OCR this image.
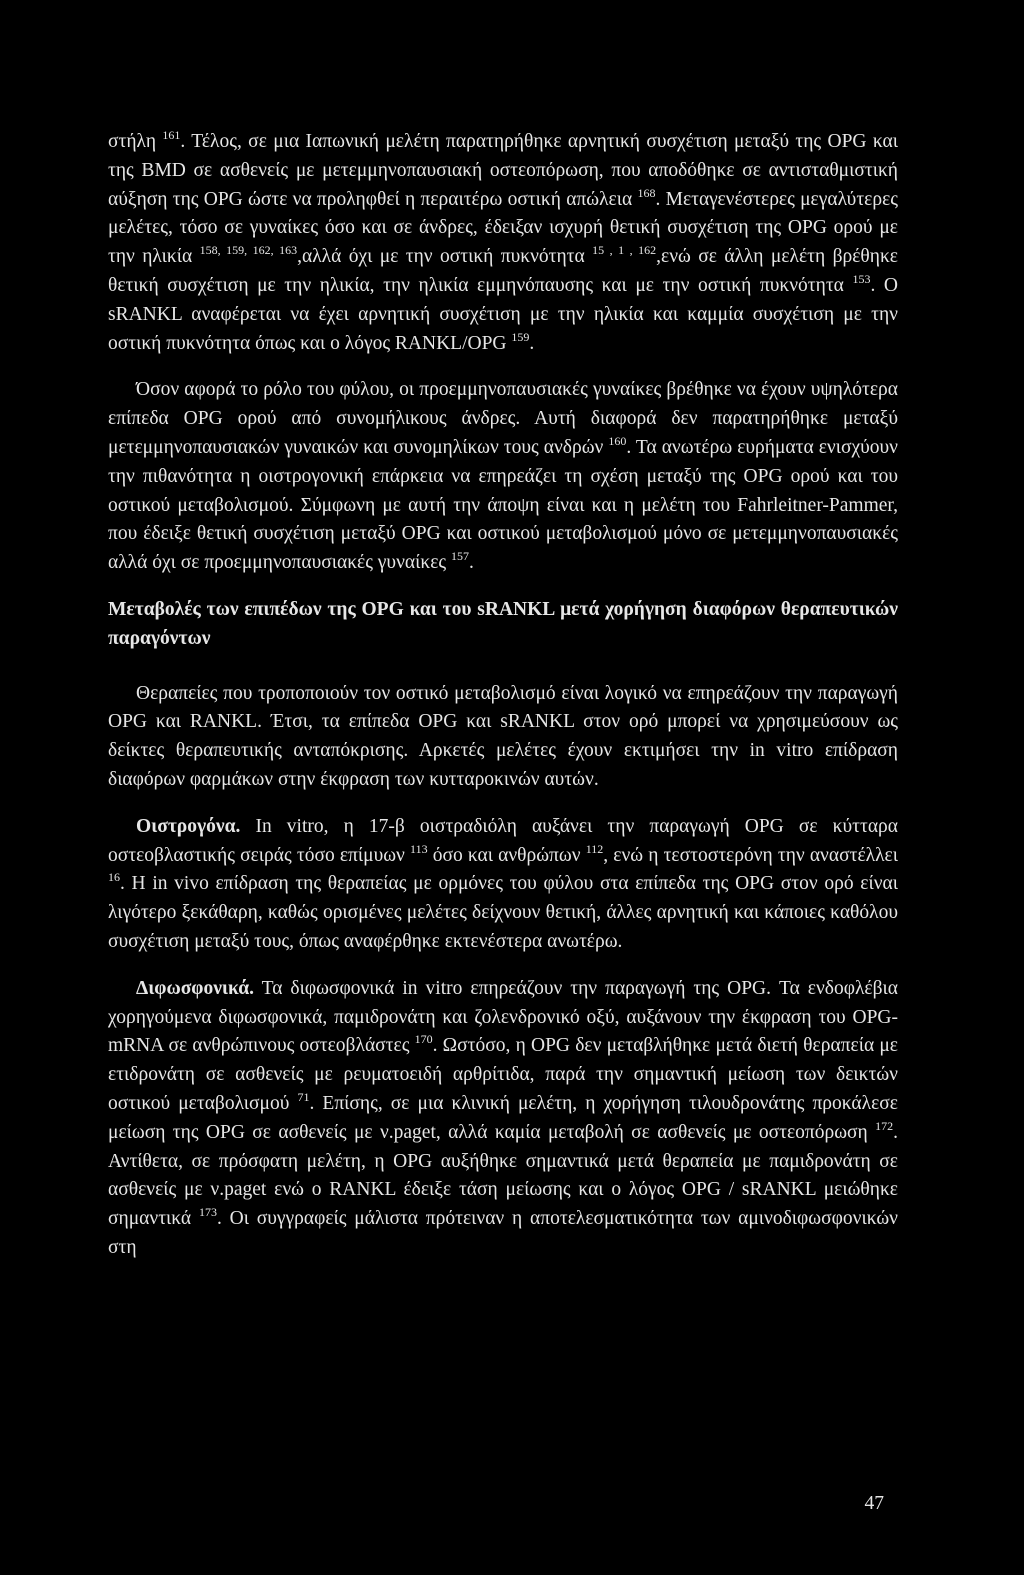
στήλη $^{161}$. Τέλος, σε μια Ιαπωνική μελέτη παρατηρήθηκε αρνητική συσχέτιση μεταξύ της OPG και της BMD σε ασθενείς με μετεμμηνοπαυσιακή οστεοπόρωση, που αποδόθηκε σε αντισταθμιστική αύξηση της OPG ώστε να προληφθεί η περαιτέρω οστική απώλεια $^{168}$. Μεταγενέστερες μεγαλύτερες μελέτες, τόσο σε γυναίκες όσο και σε άνδρες, έδειξαν ισχυρή θετική συσχέτιση της OPG ορού με την ηλικία $^{158, 159, 162, 163}$,αλλά όχι με την οστική πυκνότητα $^{15 , 1 , 162}$,ενώ σε άλλη μελέτη βρέθηκε θετική συσχέτιση με την ηλικία, την ηλικία εμμηνόπαυσης και με την οστική πυκνότητα $^{153}$. Ο sRANKL αναφέρεται να έχει αρνητική συσχέτιση με την ηλικία και καμμία συσχέτιση με την οστική πυκνότητα όπως και ο λόγος RANKL/OPG $^{159}$.

Όσον αφορά το ρόλο του φύλου, οι προεμμηνοπαυσιακές γυναίκες βρέθηκε να έχουν υψηλότερα επίπεδα OPG ορού από συνομήλικους άνδρες. Αυτή διαφορά δεν παρατηρήθηκε μεταξύ μετεμμηνοπαυσιακών γυναικών και συνομηλίκων τους ανδρών $^{160}$. Τα ανωτέρω ευρήματα ενισχύουν την πιθανότητα η οιστρογονική επάρκεια να επηρεάζει τη σχέση μεταξύ της OPG ορού και του οστικού μεταβολισμού. Σύμφωνη με αυτή την άποψη είναι και η μελέτη του Fahrleitner-Pammer, που έδειξε θετική συσχέτιση μεταξύ OPG και οστικού μεταβολισμού μόνο σε μετεμμηνοπαυσιακές αλλά όχι σε προεμμηνοπαυσιακές γυναίκες $^{157}$.

Μεταβολές των επιπέδων της OPG και του sRANKL μετά χορήγηση διαφόρων θεραπευτικών παραγόντων

Θεραπείες που τροποποιούν τον οστικό μεταβολισμό είναι λογικό να επηρεάζουν την παραγωγή OPG και RANKL. Έτσι, τα επίπεδα OPG και sRANKL στον ορό μπορεί να χρησιμεύσουν ως δείκτες θεραπευτικής ανταπόκρισης. Αρκετές μελέτες έχουν εκτιμήσει την in vitro επίδραση διαφόρων φαρμάκων στην έκφραση των κυτταροκινών αυτών.

Οιστρογόνα. In vitro, η 17-β οιστραδιόλη αυξάνει την παραγωγή OPG σε κύτταρα οστεοβλαστικής σειράς τόσο επίμυων $^{113}$ όσο και ανθρώπων $^{112}$, ενώ η τεστοστερόνη την αναστέλλει $^{16}$. Η in vivo επίδραση της θεραπείας με ορμόνες του φύλου στα επίπεδα της OPG στον ορό είναι λιγότερο ξεκάθαρη, καθώς ορισμένες μελέτες δείχνουν θετική, άλλες αρνητική και κάποιες καθόλου συσχέτιση μεταξύ τους, όπως αναφέρθηκε εκτενέστερα ανωτέρω.

Διφωσφονικά. Τα διφωσφονικά in vitro επηρεάζουν την παραγωγή της OPG. Τα ενδοφλέβια χορηγούμενα διφωσφονικά, παμιδρονάτη και ζολενδρονικό οξύ, αυξάνουν την έκφραση του OPG-mRNA σε ανθρώπινους οστεοβλάστες $^{170}$. Ωστόσο, η OPG δεν μεταβλήθηκε μετά διετή θεραπεία με ετιδρονάτη σε ασθενείς με ρευματοειδή αρθρίτιδα, παρά την σημαντική μείωση των δεικτών οστικού μεταβολισμού $^{71}$. Επίσης, σε μια κλινική μελέτη, η χορήγηση τιλουδρονάτης προκάλεσε μείωση της OPG σε ασθενείς με ν.paget, αλλά καμία μεταβολή σε ασθενείς με οστεοπόρωση $^{172}$. Αντίθετα, σε πρόσφατη μελέτη, η OPG αυξήθηκε σημαντικά μετά θεραπεία με παμιδρονάτη σε ασθενείς με ν.paget ενώ ο RANKL έδειξε τάση μείωσης και ο λόγος OPG / sRANKL μειώθηκε σημαντικά $^{173}$. Οι συγγραφείς μάλιστα πρότειναν η αποτελεσματικότητα των αμινοδιφωσφονικών στη

47
